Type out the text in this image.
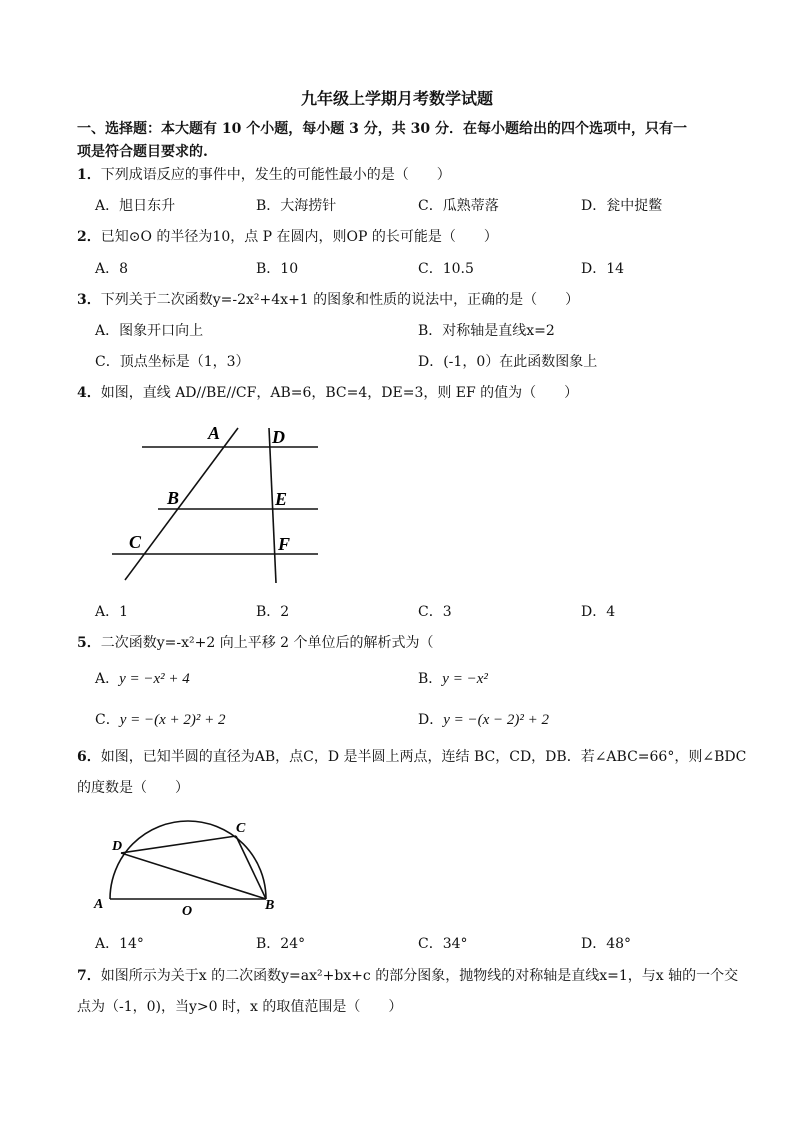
九年级上学期月考数学试题
一、选择题：本大题有 10 个小题，每小题 3 分，共 30 分．在每小题给出的四个选项中，只有一
项是符合题目要求的.
1．下列成语反应的事件中，发生的可能性最小的是（　　）
A．旭日东升	B．大海捞针	C．瓜熟蒂落	D．瓮中捉鳖
2．已知⊙O 的半径为10，点 P 在圆内，则OP 的长可能是（　　）
A．8	B．10	C．10.5	D．14
3．下列关于二次函数y=-2x²+4x+1 的图象和性质的说法中，正确的是（　　）
A．图象开口向上	B．对称轴是直线x=2
C．顶点坐标是（1，3）	D．(-1，0）在此函数图象上
4．如图，直线 AD//BE//CF，AB=6，BC=4，DE=3，则 EF 的值为（　　）
A	D
B	E
C	F
A．1	B．2	C．3	D．4
5．二次函数y=-x²+2 向上平移 2 个单位后的解析式为（
A．y = −x² + 4	B．y = −x²
C．y = −(x + 2)² + 2	D．y = −(x − 2)² + 2
6．如图，已知半圆的直径为AB，点C，D 是半圆上两点，连结 BC，CD，DB．若∠ABC=66°，则∠BDC
的度数是（　　）
C
D
A	O	B
A．14°	B．24°	C．34°	D．48°
7．如图所示为关于x 的二次函数y=ax²+bx+c 的部分图象，抛物线的对称轴是直线x=1，与x 轴的一个交
点为（-1，0)，当y>0 时，x 的取值范围是（　　）
